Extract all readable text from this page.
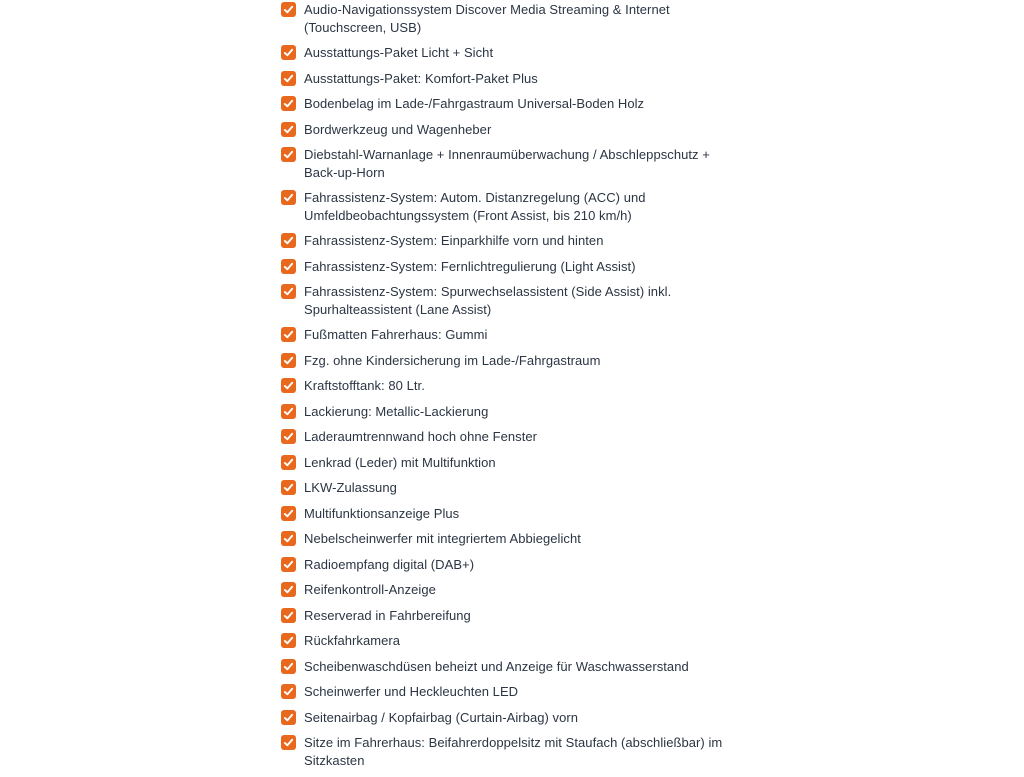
Audio-Navigationssystem Discover Media Streaming & Internet (Touchscreen, USB)
Ausstattungs-Paket Licht + Sicht
Ausstattungs-Paket: Komfort-Paket Plus
Bodenbelag im Lade-/Fahrgastraum Universal-Boden Holz
Bordwerkzeug und Wagenheber
Diebstahl-Warnanlage + Innenraumüberwachung / Abschleppschutz + Back-up-Horn
Fahrassistenz-System: Autom. Distanzregelung (ACC) und Umfeldbeobachtungssystem (Front Assist, bis 210 km/h)
Fahrassistenz-System: Einparkhilfe vorn und hinten
Fahrassistenz-System: Fernlichtregulierung (Light Assist)
Fahrassistenz-System: Spurwechselassistent (Side Assist) inkl. Spurhalteassistent (Lane Assist)
Fußmatten Fahrerhaus: Gummi
Fzg. ohne Kindersicherung im Lade-/Fahrgastraum
Kraftstofftank: 80 Ltr.
Lackierung: Metallic-Lackierung
Laderaumtrennwand hoch ohne Fenster
Lenkrad (Leder) mit Multifunktion
LKW-Zulassung
Multifunktionsanzeige Plus
Nebelscheinwerfer mit integriertem Abbiegelicht
Radioempfang digital (DAB+)
Reifenkontroll-Anzeige
Reserverad in Fahrbereifung
Rückfahrkamera
Scheibenwaschdüsen beheizt und Anzeige für Waschwasserstand
Scheinwerfer und Heckleuchten LED
Seitenairbag / Kopfairbag (Curtain-Airbag) vorn
Sitze im Fahrerhaus: Beifahrerdoppelsitz mit Staufach (abschließbar) im Sitzkasten
